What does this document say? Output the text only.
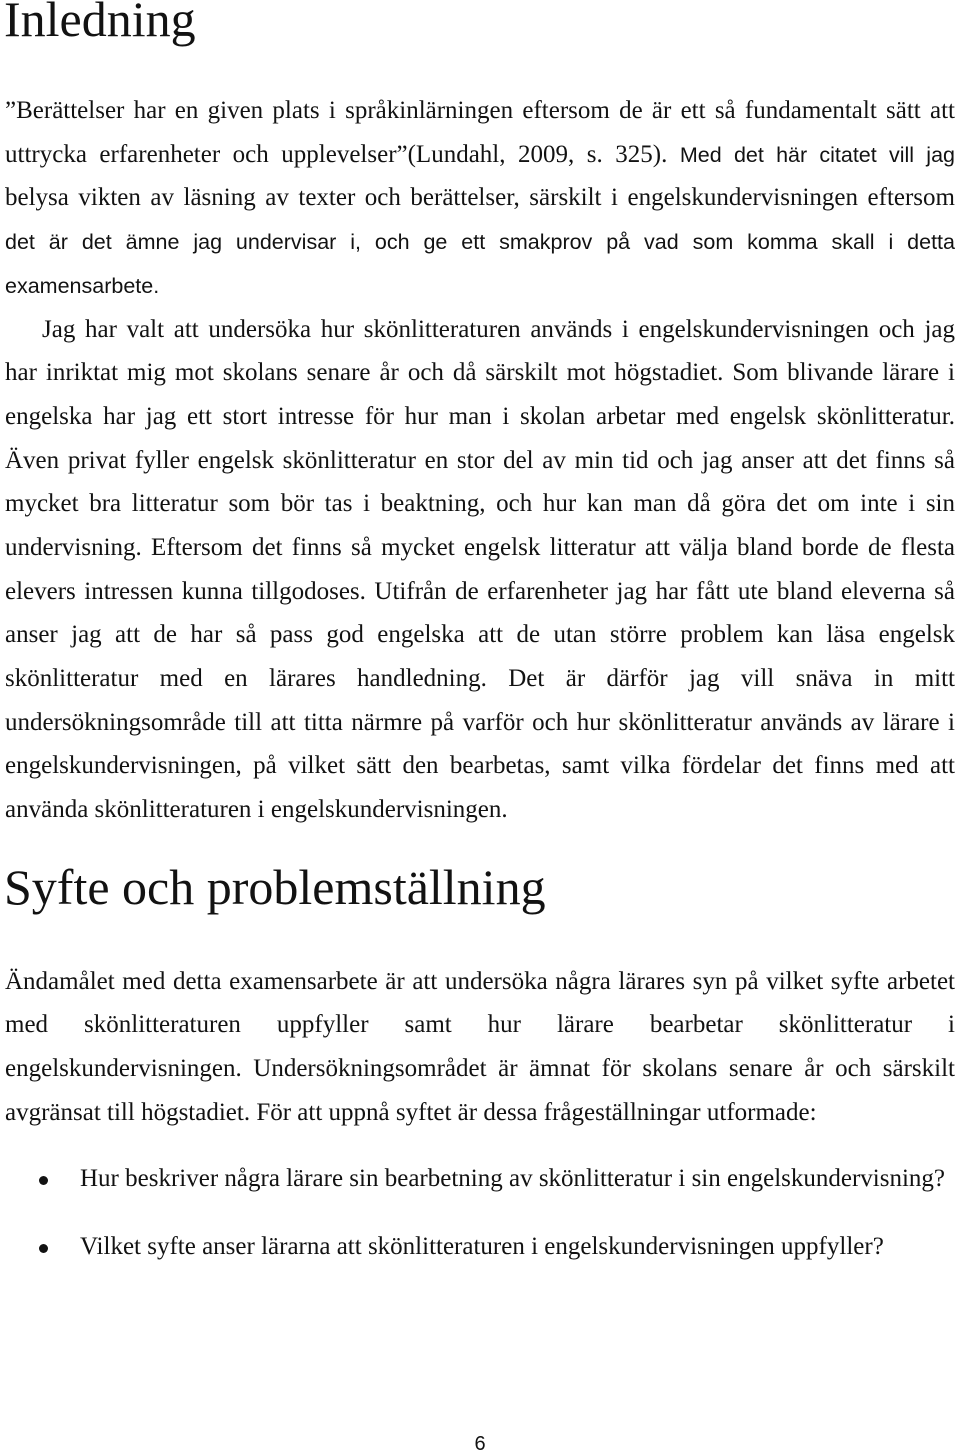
Inledning
”Berättelser har en given plats i språkinlärningen eftersom de är ett så fundamentalt sätt att
uttrycka erfarenheter och upplevelser”(Lundahl, 2009, s. 325). Med det här citatet vill jag
belysa vikten av läsning av texter och berättelser, särskilt i engelskundervisningen eftersom
det är det ämne jag undervisar i, och ge ett smakprov på vad som komma skall i detta
examensarbete.
Jag har valt att undersöka hur skönlitteraturen används i engelskundervisningen och jag
har inriktat mig mot skolans senare år och då särskilt mot högstadiet. Som blivande lärare i
engelska har jag ett stort intresse för hur man i skolan arbetar med engelsk skönlitteratur.
Även privat fyller engelsk skönlitteratur en stor del av min tid och jag anser att det finns så
mycket bra litteratur som bör tas i beaktning, och hur kan man då göra det om inte i sin
undervisning. Eftersom det finns så mycket engelsk litteratur att välja bland borde de flesta
elevers intressen kunna tillgodoses. Utifrån de erfarenheter jag har fått ute bland eleverna så
anser jag att de har så pass god engelska att de utan större problem kan läsa engelsk
skönlitteratur med en lärares handledning. Det är därför jag vill snäva in mitt
undersökningsområde till att titta närmre på varför och hur skönlitteratur används av lärare i
engelskundervisningen, på vilket sätt den bearbetas, samt vilka fördelar det finns med att
använda skönlitteraturen i engelskundervisningen.
Syfte och problemställning
Ändamålet med detta examensarbete är att undersöka några lärares syn på vilket syfte arbetet
med skönlitteraturen uppfyller samt hur lärare bearbetar skönlitteratur i
engelskundervisningen. Undersökningsområdet är ämnat för skolans senare år och särskilt
avgränsat till högstadiet. För att uppnå syftet är dessa frågeställningar utformade:
Hur beskriver några lärare sin bearbetning av skönlitteratur i sin engelskundervisning?
Vilket syfte anser lärarna att skönlitteraturen i engelskundervisningen uppfyller?
6
